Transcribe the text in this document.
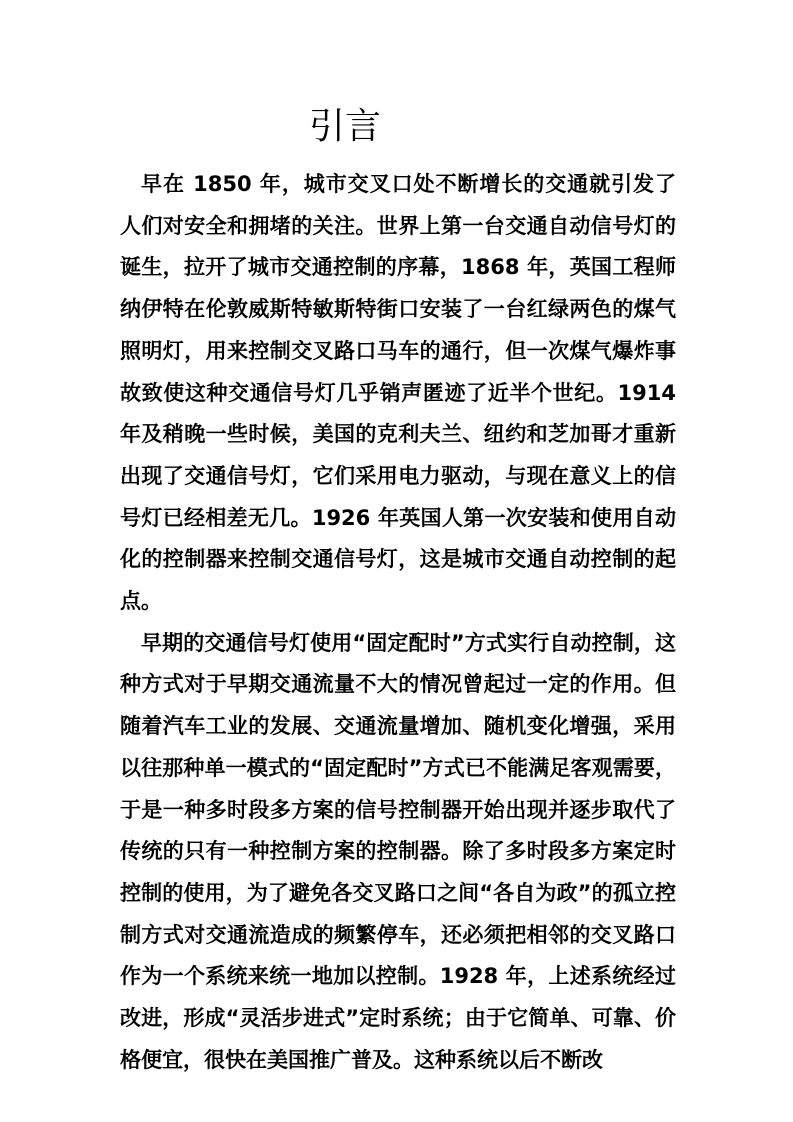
引言

早在 1850 年，城市交叉口处不断增长的交通就引发了人们对安全和拥堵的关注。世界上第一台交通自动信号灯的诞生，拉开了城市交通控制的序幕，1868 年，英国工程师纳伊特在伦敦威斯特敏斯特街口安装了一台红绿两色的煤气照明灯，用来控制交叉路口马车的通行，但一次煤气爆炸事故致使这种交通信号灯几乎销声匿迹了近半个世纪。1914 年及稍晚一些时候，美国的克利夫兰、纽约和芝加哥才重新出现了交通信号灯，它们采用电力驱动，与现在意义上的信号灯已经相差无几。1926 年英国人第一次安装和使用自动化的控制器来控制交通信号灯，这是城市交通自动控制的起点。

早期的交通信号灯使用“固定配时”方式实行自动控制，这种方式对于早期交通流量不大的情况曾起过一定的作用。但随着汽车工业的发展、交通流量增加、随机变化增强，采用以往那种单一模式的“固定配时”方式已不能满足客观需要，于是一种多时段多方案的信号控制器开始出现并逐步取代了传统的只有一种控制方案的控制器。除了多时段多方案定时控制的使用，为了避免各交叉路口之间“各自为政”的孤立控制方式对交通流造成的频繁停车，还必须把相邻的交叉路口作为一个系统来统一地加以控制。1928 年，上述系统经过改进，形成“灵活步进式”定时系统；由于它简单、可靠、价格便宜，很快在美国推广普及。这种系统以后不断改
